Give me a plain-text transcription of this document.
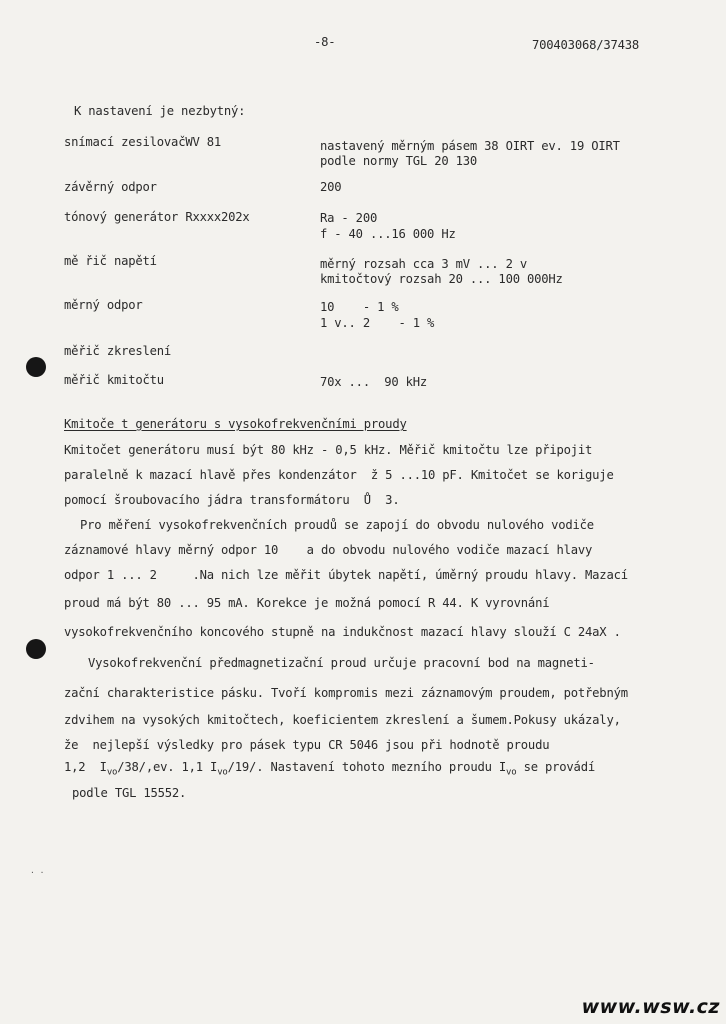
-8-	700403068/37438
K nastavení je nezbytný:
snímací zesilovačWV 81	nastavený měrným pásem 38 OIRT ev. 19 OIRT
podle normy TGL 20 130
závěrný odpor	200
tónový generátor Rxxxx202x	Ra - 200
f - 40 ...16 000 Hz
mě řič napětí	měrný rozsah cca 3 mV ... 2 v
kmitočtový rozsah 20 ... 100 000Hz
měrný odpor	10    - 1 %
1 v.. 2    - 1 %
měřič zkreslení
měřič kmitočtu	70x ...  90 kHz
Kmitoče t generátoru s vysokofrekvenčními proudy
Kmitočet generátoru musí být 80 kHz - 0,5 kHz. Měřič kmitočtu lze připojit
paralelně k mazací hlavě přes kondenzátor  ž 5 ...10 pF. Kmitočet se koriguje
pomocí šroubovacího jádra transformátoru  Ů  3.
Pro měření vysokofrekvenčních proudů se zapojí do obvodu nulového vodiče
záznamové hlavy měrný odpor 10    a do obvodu nulového vodiče mazací hlavy
odpor 1 ... 2     .Na nich lze měřit úbytek napětí, úměrný proudu hlavy. Mazací
proud má být 80 ... 95 mA. Korekce je možná pomocí R 44. K vyrovnání
vysokofrekvenčního koncového stupně na indukčnost mazací hlavy slouží C 24aX .
Vysokofrekvenční předmagnetizační proud určuje pracovní bod na magneti-
zační charakteristice pásku. Tvoří kompromis mezi záznamovým proudem, potřebným
zdvihem na vysokých kmitočtech, koeficientem zkreslení a šumem.Pokusy ukázaly,
že  nejlepší výsledky pro pásek typu CR 5046 jsou při hodnotě proudu
1,2  $I_{vo}/38/,ev$. 1,1 $I_{vo}/19/$. Nastavení tohoto mezního proudu $I_{vo}$ se provádí
podle TGL 15552.
· ·
www.wsw.cz
